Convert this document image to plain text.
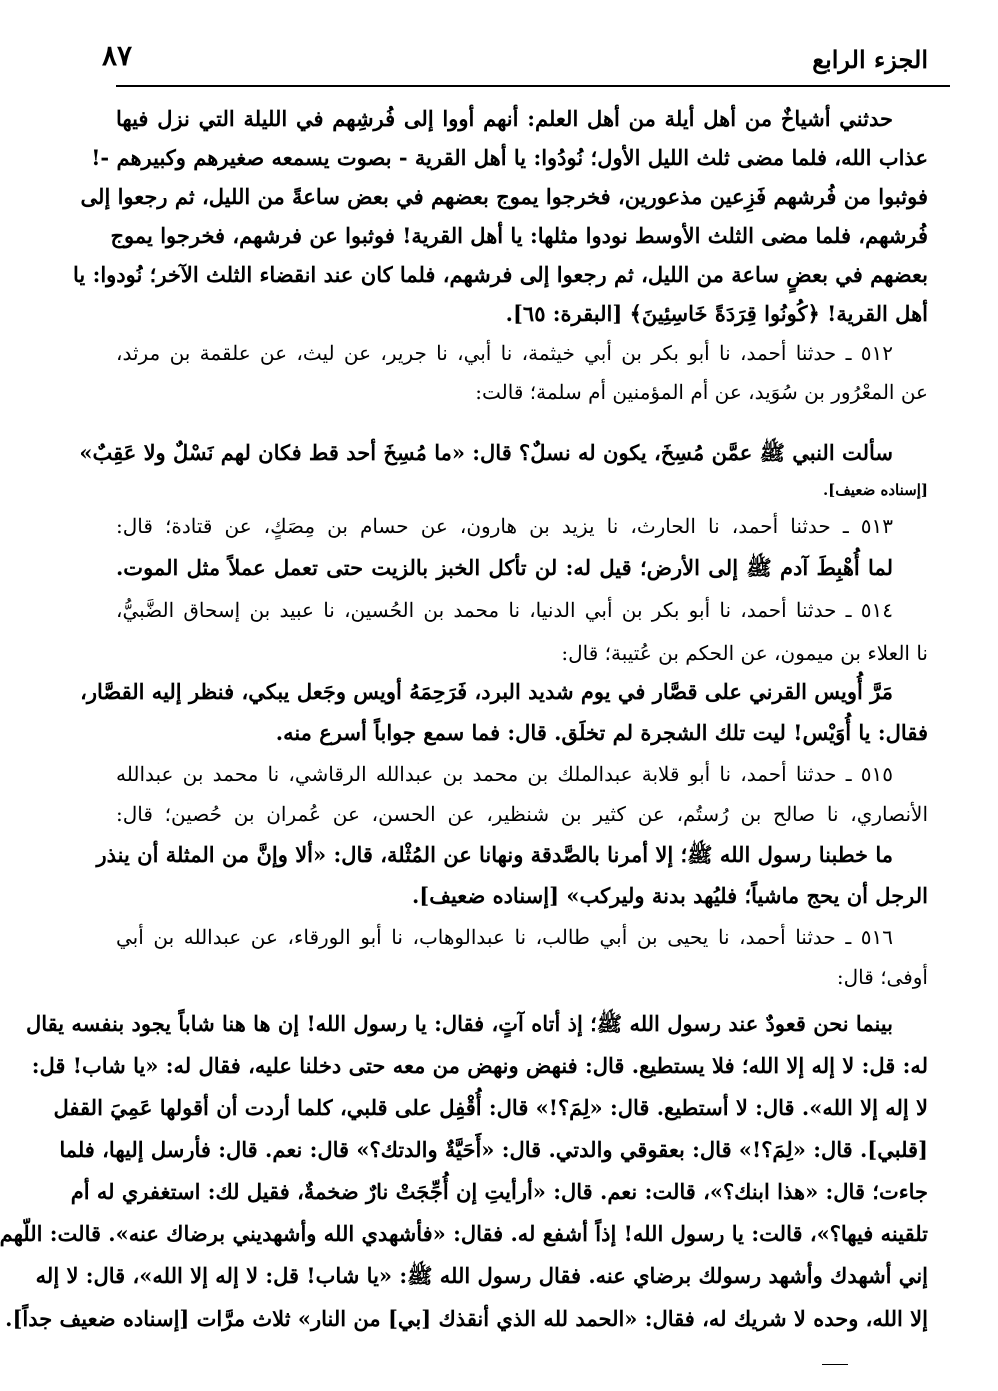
الجزء الرابع
٨٧
حدثني أشياخٌ من أهل أيلة من أهل العلم: أنهم أووا إلى فُرشِهم في الليلة التي نزل فيها
عذاب الله، فلما مضى ثلث الليل الأول؛ نُودُوا: يا أهل القرية - بصوت يسمعه صغيرهم وكبيرهم -!
فوثبوا من فُرشهم فَزِعين مذعورين، فخرجوا يموج بعضهم في بعض ساعةً من الليل، ثم رجعوا إلى
فُرشهم، فلما مضى الثلث الأوسط نودوا مثلها: يا أهل القرية! فوثبوا عن فرشهم، فخرجوا يموج
بعضهم في بعضٍ ساعة من الليل، ثم رجعوا إلى فرشهم، فلما كان عند انقضاء الثلث الآخر؛ نُودوا: يا
أهل القرية! ﴿كُونُوا قِرَدَةً خَاسِئِينَ﴾ [البقرة: ٦٥].
٥١٢ ـ حدثنا أحمد، نا أبو بكر بن أبي خيثمة، نا أبي، نا جرير، عن ليث، عن علقمة بن مرثد،
عن المعْرُور بن سُوَيد، عن أم المؤمنين أم سلمة؛ قالت:
سألت النبي ﷺ عمَّن مُسِخَ، يكون له نسلٌ؟ قال: «ما مُسِخَ أحد قط فكان لهم نَسْلٌ ولا عَقِبٌ»
[إسناده ضعيف].
٥١٣ ـ حدثنا أحمد، نا الحارث، نا يزيد بن هارون، عن حسام بن مِصَكٍ، عن قتادة؛ قال:
لما أُهْبِطَ آدم ﷺ إلى الأرض؛ قيل له: لن تأكل الخبز بالزيت حتى تعمل عملاً مثل الموت.
٥١٤ ـ حدثنا أحمد، نا أبو بكر بن أبي الدنيا، نا محمد بن الحُسين، نا عبيد بن إسحاق الضَّبيُّ،
نا العلاء بن ميمون، عن الحكم بن عُتيبة؛ قال:
مَرَّ أُويس القرني على قصَّار في يوم شديد البرد، فَرَحِمَهُ أويس وجَعل يبكي، فنظر إليه القصَّار،
فقال: يا أُوَيْس! ليت تلك الشجرة لم تخلَق. قال: فما سمع جواباً أسرع منه.
٥١٥ ـ حدثنا أحمد، نا أبو قلابة عبدالملك بن محمد بن عبدالله الرقاشي، نا محمد بن عبدالله
الأنصاري، نا صالح بن رُستُم، عن كثير بن شنظير، عن الحسن، عن عُمران بن حُصين؛ قال:
ما خطبنا رسول الله ﷺ؛ إلا أمرنا بالصَّدقة ونهانا عن المُثْلة، قال: «ألا وإنَّ من المثلة أن ينذر
الرجل أن يحج ماشياً؛ فليُهد بدنة وليركب» [إسناده ضعيف].
٥١٦ ـ حدثنا أحمد، نا يحيى بن أبي طالب، نا عبدالوهاب، نا أبو الورقاء، عن عبدالله بن أبي
أوفى؛ قال:
بينما نحن قعودٌ عند رسول الله ﷺ؛ إذ أتاه آتٍ، فقال: يا رسول الله! إن ها هنا شاباً يجود بنفسه يقال
له: قل: لا إله إلا الله؛ فلا يستطيع. قال: فنهض ونهض من معه حتى دخلنا عليه، فقال له: «يا شاب! قل:
لا إله إلا الله». قال: لا أستطيع. قال: «لِمَ؟!» قال: أُقْفِل على قلبي، كلما أردت أن أقولها عَمِيَ القفل
[قلبي]. قال: «لِمَ؟!» قال: بعقوقي والدتي. قال: «أَحَيَّةٌ والدتك؟» قال: نعم. قال: فأرسل إليها، فلما
جاءت؛ قال: «هذا ابنك؟»، قالت: نعم. قال: «أرأيتِ إن أُجِّجَتْ نارٌ ضخمةٌ، فقيل لك: استغفري له أم
تلقينه فيها؟»، قالت: يا رسول الله! إذاً أشفع له. فقال: «فأشهدي الله وأشهديني برضاك عنه». قالت: اللّهم
إني أشهدك وأشهد رسولك برضاي عنه. فقال رسول الله ﷺ: «يا شاب! قل: لا إله إلا الله»، قال: لا إله
إلا الله، وحده لا شريك له، فقال: «الحمد لله الذي أنقذك [بي] من النار» ثلاث مرَّات [إسناده ضعيف جداً].
